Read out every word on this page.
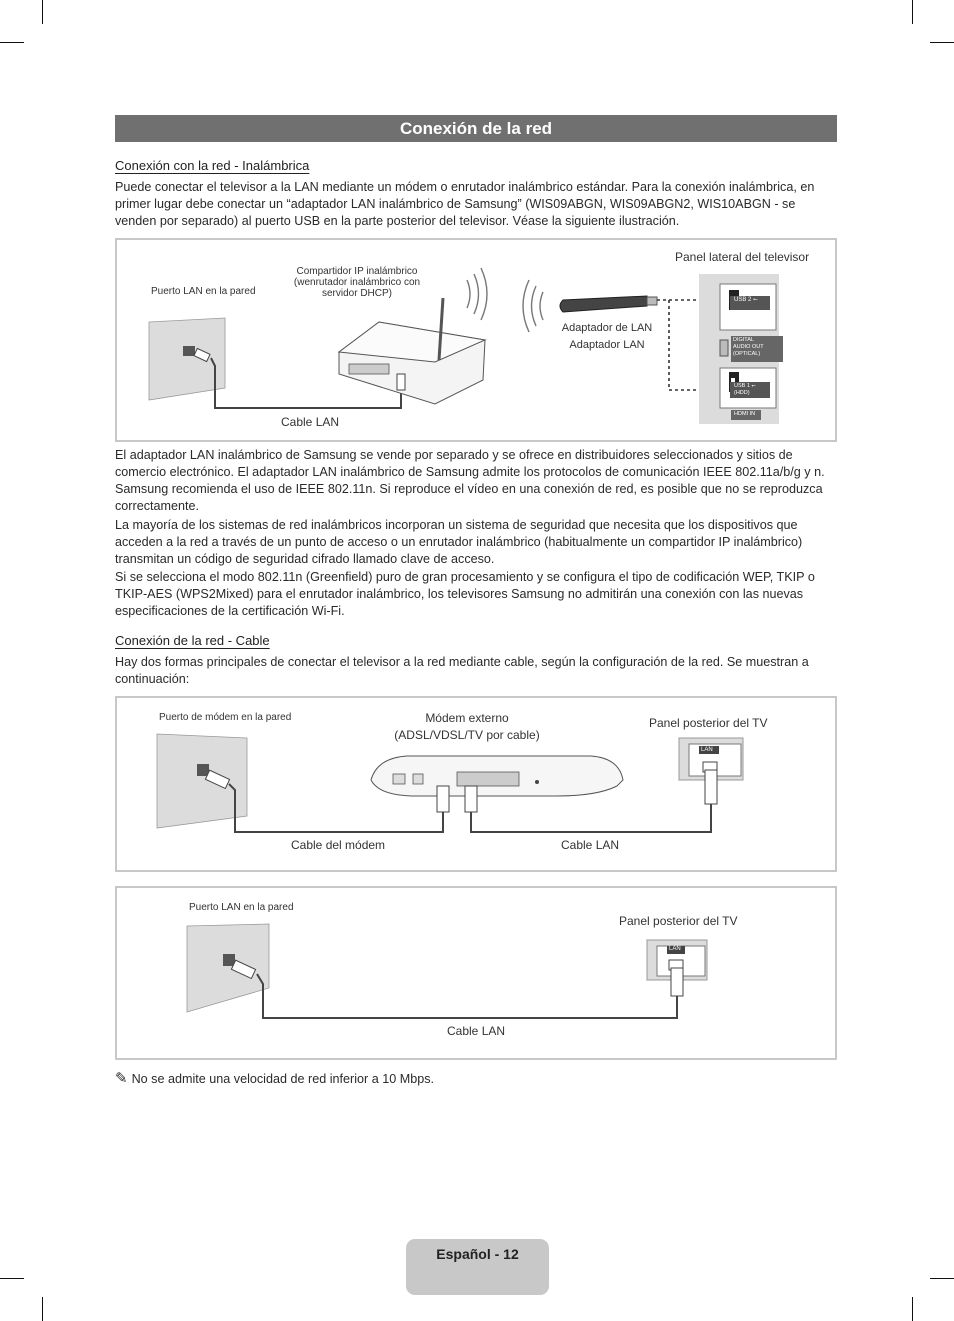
Conexión de la red
Conexión con la red - Inalámbrica

Puede conectar el televisor a la LAN mediante un módem o enrutador inalámbrico estándar. Para la conexión inalámbrica, en primer lugar debe conectar un “adaptador LAN inalámbrico de Samsung” (WIS09ABGN, WIS09ABGN2, WIS10ABGN - se venden por separado) al puerto USB en la parte posterior del televisor. Véase la siguiente ilustración.

Puerto LAN en la pared
Compartidor IP inalámbrico
(wenrutador inalámbrico con
servidor DHCP)
Cable LAN
Panel lateral del televisor
Adaptador de LAN
Adaptador LAN
USB 2 ⭠
DIGITAL
AUDIO OUT
(OPTICAL)
USB 1 ⭠
(HDD)
HDMI IN

El adaptador LAN inalámbrico de Samsung se vende por separado y se ofrece en distribuidores seleccionados y sitios de comercio electrónico. El adaptador LAN inalámbrico de Samsung admite los protocolos de comunicación IEEE 802.11a/b/g y n. Samsung recomienda el uso de IEEE 802.11n. Si reproduce el vídeo en una conexión de red, es posible que no se reproduzca correctamente.

La mayoría de los sistemas de red inalámbricos incorporan un sistema de seguridad que necesita que los dispositivos que acceden a la red a través de un punto de acceso o un enrutador inalámbrico (habitualmente un compartidor IP inalámbrico) transmitan un código de seguridad cifrado llamado clave de acceso.

Si se selecciona el modo 802.11n (Greenfield) puro de gran procesamiento y se configura el tipo de codificación WEP, TKIP o TKIP-AES (WPS2Mixed) para el enrutador inalámbrico, los televisores Samsung no admitirán una conexión con las nuevas especificaciones de la certificación Wi-Fi.

Conexión de la red - Cable

Hay dos formas principales de conectar el televisor a la red mediante cable, según la configuración de la red. Se muestran a continuación:

Puerto de módem en la pared	Módem externo
(ADSL/VDSL/TV por cable)
Panel posterior del TV
Cable del módem	Cable LAN
LAN
Puerto LAN en la pared
Panel posterior del TV
Cable LAN
LAN
✎ No se admite una velocidad de red inferior a 10 Mbps.
Español - 12
